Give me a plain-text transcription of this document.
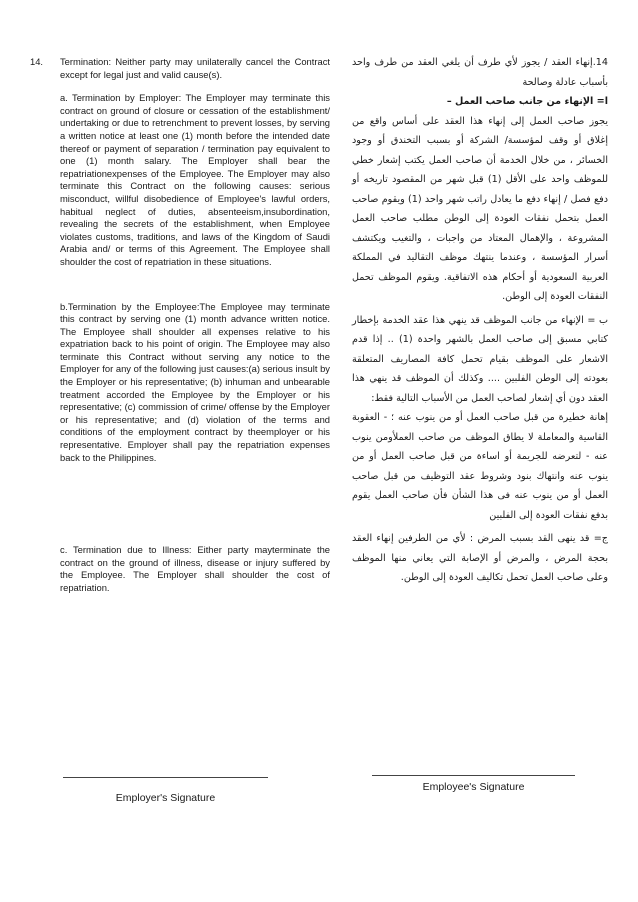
14.	Termination: Neither party may unilaterally cancel the Contract except for legal just and valid cause(s).

a. Termination by Employer: The Employer may terminate this contract on ground of closure or cessation of the establishment/ undertaking or due to retrenchment to prevent losses, by serving a written notice at least one (1) month before the intended date thereof or payment of separation / termination pay equivalent to one (1) month salary. The Employer shall bear the repatriationexpenses of the Employee. The Employer may also terminate this Contract on the following causes: serious misconduct, willful disobedience of Employee's lawful orders, habitual neglect of duties, absenteeism,insubordination, revealing the secrets of the establishment, when Employee violates customs, traditions, and laws of the Kingdom of Saudi Arabia and/ or terms of this Agreement. The Employee shall shoulder the cost of repatriation in these situations.

b.Termination by the Employee:The Employee may terminate this contract by serving one (1) month advance written notice. The Employee shall shoulder all expenses relative to his expatriation back to his point of origin. The Employee may also terminate this Contract without serving any notice to the Employer for any of the following just causes:(a) serious insult by the Employer or his representative; (b) inhuman and unbearable treatment accorded the Employee by the Employer or his representative; (c) commission of crime/ offense by the Employer or his representative; and (d) violation of the terms and conditions of the employment contract by theemployer or his representative. Employer shall pay the repatriation expenses back to the Philippines.

c. Termination due to Illness: Either party mayterminate the contract on the ground of illness, disease or injury suffered by the Employee. The Employer shall shoulder the cost of repatriation.

14.إنهاء العقد / يجوز لأي طرف أن يلغي العقد من طرف واحد بأسباب عادلة وصالحة

ا= الإنهاء من جانب صاحب العمل –

يجوز صاحب العمل إلى إنهاء هذا العقد على أساس واقع من إغلاق أو وقف لمؤسسة/ الشركة أو بسبب التخندق أو وجود الخسائر ، من خلال الخدمة أن صاحب العمل يكتب إشعار خطي للموظف واحد على الأقل (1) قبل شهر من المقصود تاريخه أو دفع فصل / إنهاء دفع ما يعادل راتب شهر واحد (1) ويقوم صاحب العمل بتحمل نفقات العودة إلى الوطن مطلب صاحب العمل المشروعة ، والإهمال المعتاد من واجبات ، والتغيب ويكتشف أسرار المؤسسة ، وعندما ينتهك موظف التقاليد في المملكة العربية السعودية أو أحكام هذه الاتفاقية. ويقوم الموظف تحمل النفقات العودة إلى الوطن.

ب = الإنهاء من جانب الموظف قد ينهي هذا عقد الخدمة بإخطار كتابي مسبق إلى صاحب العمل بالشهر واحدة (1) .. إذا قدم الاشعار على الموظف بقيام تحمل كافة المصاريف المتعلقة بعودته إلى الوطن الفلبين .... وكذلك أن الموظف قد ينهي هذا العقد دون أي إشعار لصاحب العمل من الأسباب التالية فقط:

إهانة خطيرة من قبل صاحب العمل أو من ينوب عنه ؛ - العقوبة القاسية والمعاملة لا يطاق الموظف من صاحب العملأومن ينوب عنه - لتعرضه للجريمة أو اساءة من قبل صاحب العمل أو من ينوب عنه وانتهاك بنود وشروط عقد التوظيف من قبل صاحب العمل أو من ينوب عنه فى هذا الشأن فأن صاحب العمل يقوم بدفع نفقات العودة إلى الفلبين

ج= قد ينهى القد بسبب المرض : لأي من الطرفين إنهاء العقد بحجة المرض ، والمرض أو الإصابة التي يعاني منها الموظف وعلى صاحب العمل تحمل تكاليف العودة إلى الوطن.

Employer's Signature
Employee's Signature
